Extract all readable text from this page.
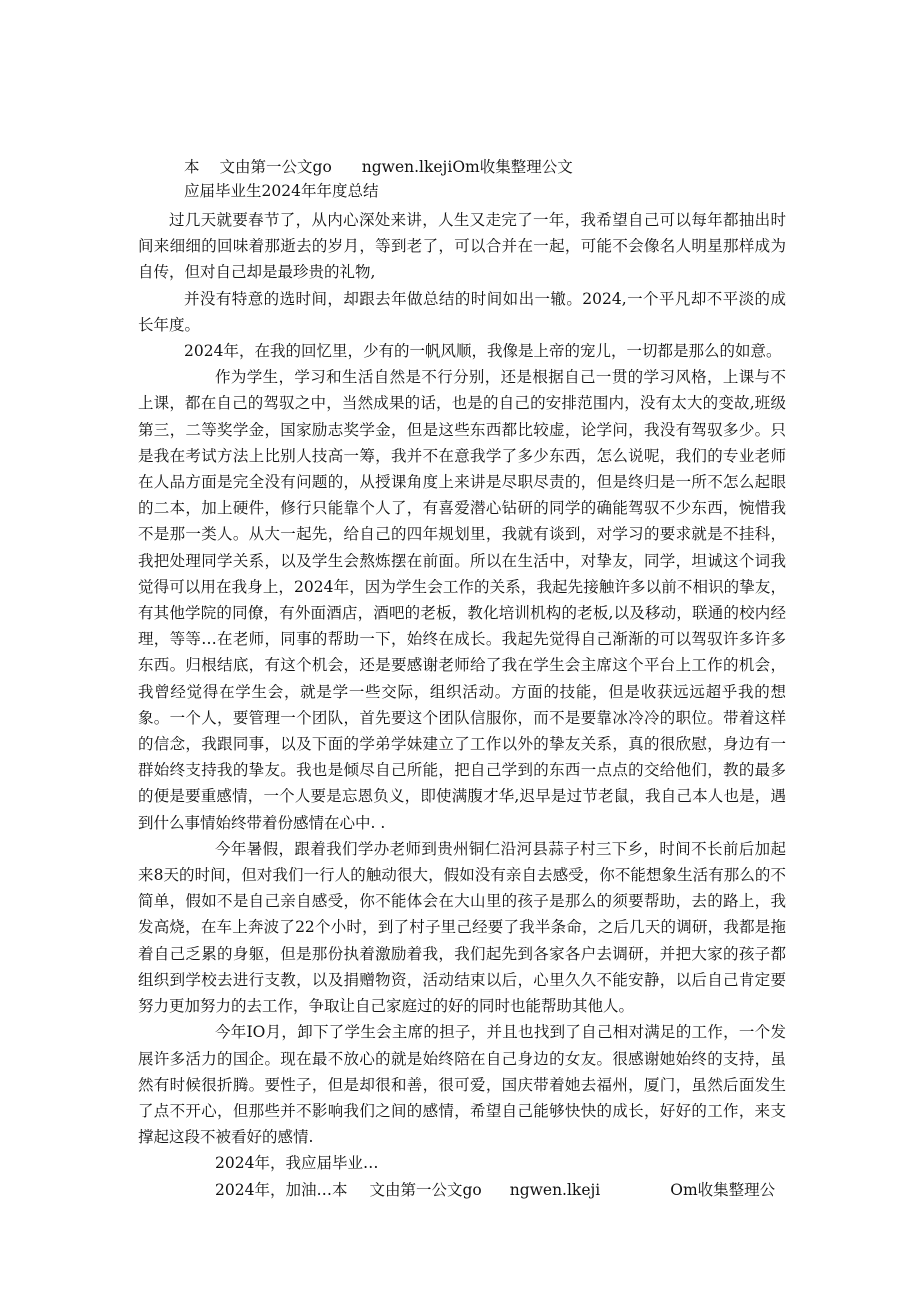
本 文由第一公文go ngwen.lkejiOm收集整理公文
应届毕业生2024年年度总结

过几天就要春节了，从内心深处来讲，人生又走完了一年，我希望自己可以每年都抽出时间来细细的回味着那逝去的岁月，等到老了，可以合并在一起，可能不会像名人明星那样成为自传，但对自己却是最珍贵的礼物,

并没有特意的选时间，却跟去年做总结的时间如出一辙。2024,一个平凡却不平淡的成长年度。

2024年，在我的回忆里，少有的一帆风顺，我像是上帝的宠儿，一切都是那么的如意。

作为学生，学习和生活自然是不行分别，还是根据自己一贯的学习风格，上课与不上课，都在自己的驾驭之中，当然成果的话，也是的自己的安排范围内，没有太大的变故,班级第三，二等奖学金，国家励志奖学金，但是这些东西都比较虚，论学问，我没有驾驭多少。只是我在考试方法上比别人技高一筹，我并不在意我学了多少东西，怎么说呢，我们的专业老师在人品方面是完全没有问题的，从授课角度上来讲是尽职尽责的，但是终归是一所不怎么起眼的二本，加上硬件，修行只能靠个人了，有喜爱潜心钻研的同学的确能驾驭不少东西，惋惜我不是那一类人。从大一起先，给自己的四年规划里，我就有谈到，对学习的要求就是不挂科，我把处理同学关系，以及学生会熬炼摆在前面。所以在生活中，对挚友，同学，坦诚这个词我觉得可以用在我身上，2024年，因为学生会工作的关系，我起先接触许多以前不相识的挚友，有其他学院的同僚，有外面酒店，酒吧的老板，教化培训机构的老板,以及移动，联通的校内经理，等等…在老师，同事的帮助一下，始终在成长。我起先觉得自己渐渐的可以驾驭许多许多东西。归根结底，有这个机会，还是要感谢老师给了我在学生会主席这个平台上工作的机会，我曾经觉得在学生会，就是学一些交际，组织活动。方面的技能，但是收获远远超乎我的想象。一个人，要管理一个团队，首先要这个团队信服你，而不是要靠冰冷冷的职位。带着这样的信念，我跟同事，以及下面的学弟学妹建立了工作以外的挚友关系，真的很欣慰，身边有一群始终支持我的挚友。我也是倾尽自己所能，把自己学到的东西一点点的交给他们，教的最多的便是要重感情，一个人要是忘恩负义，即使满腹才华,迟早是过节老鼠，我自己本人也是，遇到什么事情始终带着份感情在心中. .

今年暑假，跟着我们学办老师到贵州铜仁沿河县蒜子村三下乡，时间不长前后加起来8天的时间，但对我们一行人的触动很大，假如没有亲自去感受，你不能想象生活有那么的不简单，假如不是自己亲自感受，你不能体会在大山里的孩子是那么的须要帮助，去的路上，我发高烧，在车上奔波了22个小时，到了村子里己经要了我半条命，之后几天的调研，我都是拖着自己乏累的身躯，但是那份执着激励着我，我们起先到各家各户去调研，并把大家的孩子都组织到学校去进行支教，以及捐赠物资，活动结束以后，心里久久不能安静，以后自己肯定要努力更加努力的去工作，争取让自己家庭过的好的同时也能帮助其他人。

今年IO月，卸下了学生会主席的担子，并且也找到了自己相对满足的工作，一个发展许多活力的国企。现在最不放心的就是始终陪在自己身边的女友。很感谢她始终的支持，虽然有时候很折腾。要性子，但是却很和善，很可爱，国庆带着她去福州，厦门，虽然后面发生了点不开心，但那些并不影响我们之间的感情，希望自己能够快快的成长，好好的工作，来支撑起这段不被看好的感情.

2024年，我应届毕业…
2024年，加油…本 文由第一公文go ngwen.lkeji	Om收集整理公
